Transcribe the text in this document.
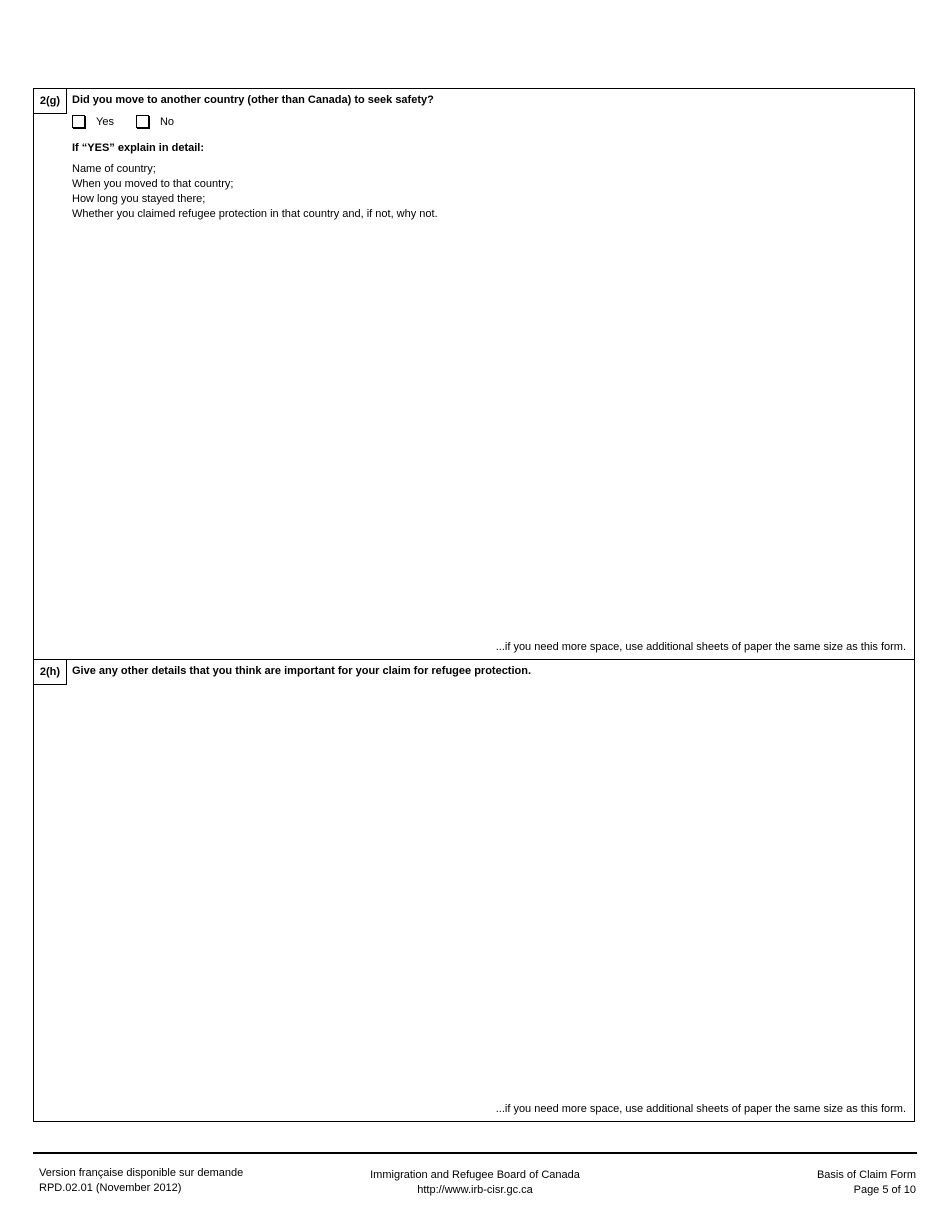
2(g)	Did you move to another country (other than Canada) to seek safety?
Yes	No
If “YES” explain in detail:
Name of country;
When you moved to that country;
How long you stayed there;
Whether you claimed refugee protection in that country and, if not, why not.
...if you need more space, use additional sheets of paper the same size as this form.
2(h)	Give any other details that you think are important for your claim for refugee protection.
...if you need more space, use additional sheets of paper the same size as this form.
Version française disponible sur demande
RPD.02.01 (November 2012)
Immigration and Refugee Board of Canada
http://www.irb-cisr.gc.ca
Basis of Claim Form
Page 5 of 10
